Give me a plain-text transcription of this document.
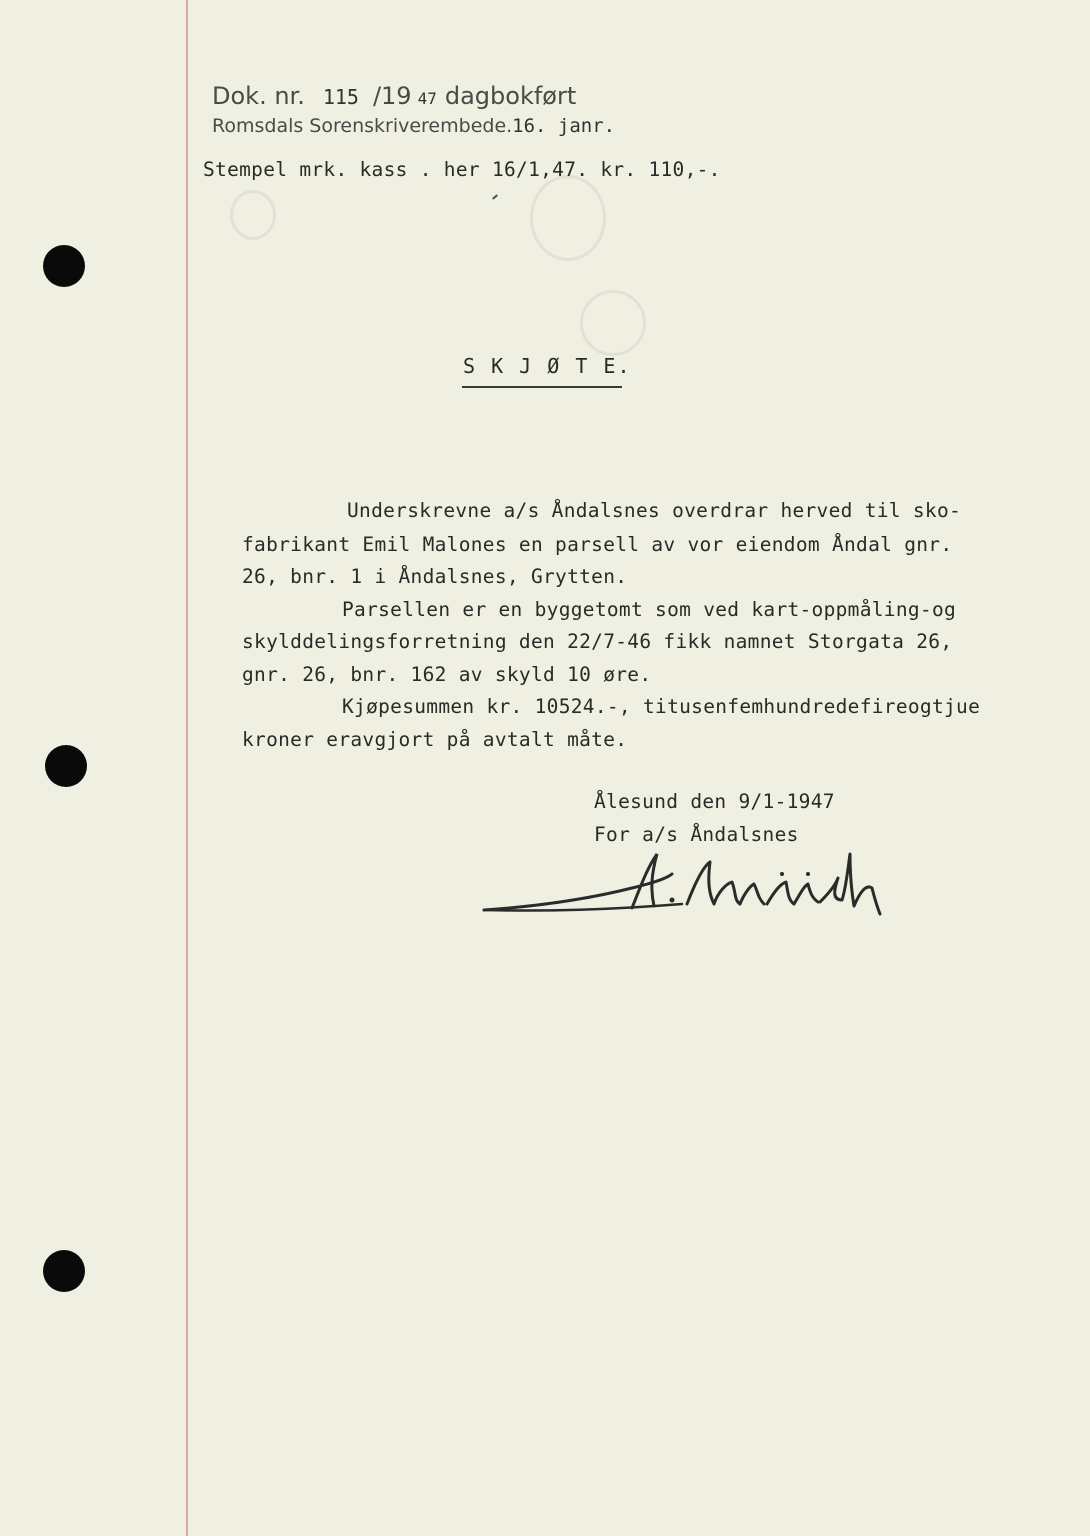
Dok. nr. 115 /19 47 dagbokført
Romsdals Sorenskriverembede.16. janr.
Stempel mrk. kass . her 16/1,47. kr. 110,-.
S K J Ø T E.
Underskrevne a/s Åndalsnes overdrar herved til sko-
fabrikant Emil Malones en parsell av vor eiendom Åndal gnr.
26, bnr. 1 i Åndalsnes, Grytten.
Parsellen er en byggetomt som ved kart-oppmåling-og
skylddelingsforretning den 22/7-46 fikk namnet Storgata 26,
gnr. 26, bnr. 162 av skyld 10 øre.
Kjøpesummen kr. 10524.-, titusenfemhundredefireogtjue
kroner eravgjort på avtalt måte.
Ålesund den 9/1-1947
For a/s Åndalsnes
